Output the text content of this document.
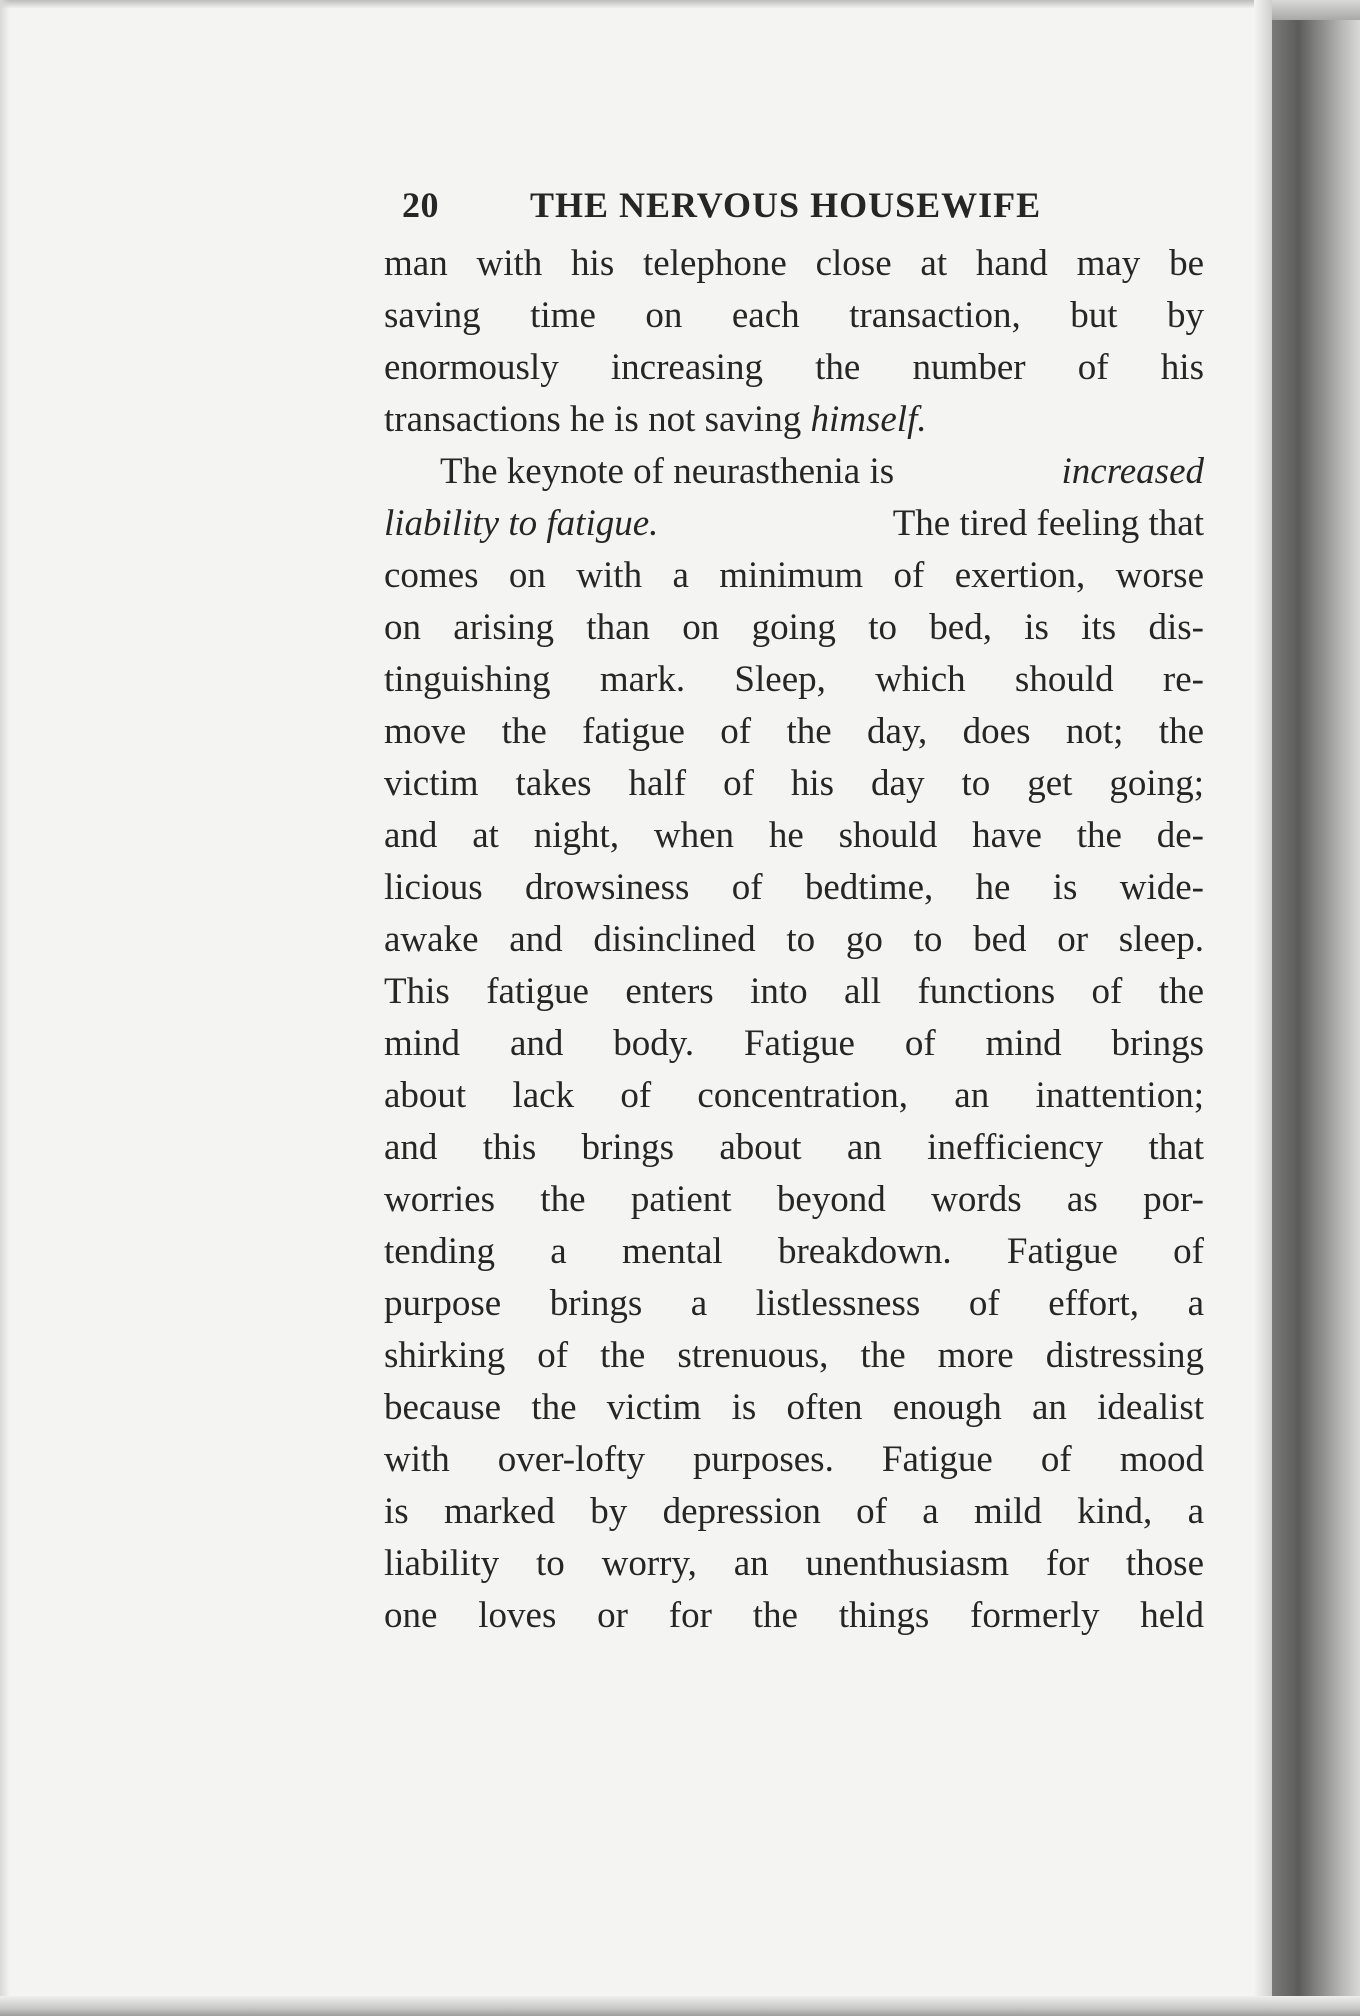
20	THE NERVOUS HOUSEWIFE
man with his telephone close at hand may be
saving time on each transaction, but by
enormously increasing the number of his
transactions he is not saving himself.
The keynote of neurasthenia is	increased
liability to fatigue.	The tired feeling that
comes on with a minimum of exertion, worse
on arising than on going to bed, is its dis-
tinguishing mark. Sleep, which should re-
move the fatigue of the day, does not; the
victim takes half of his day to get going;
and at night, when he should have the de-
licious drowsiness of bedtime, he is wide-
awake and disinclined to go to bed or sleep.
This fatigue enters into all functions of the
mind and body. Fatigue of mind brings
about lack of concentration, an inattention;
and this brings about an inefficiency that
worries the patient beyond words as por-
tending a mental breakdown. Fatigue of
purpose brings a listlessness of effort, a
shirking of the strenuous, the more distressing
because the victim is often enough an idealist
with over-lofty purposes. Fatigue of mood
is marked by depression of a mild kind, a
liability to worry, an unenthusiasm for those
one loves or for the things formerly held
